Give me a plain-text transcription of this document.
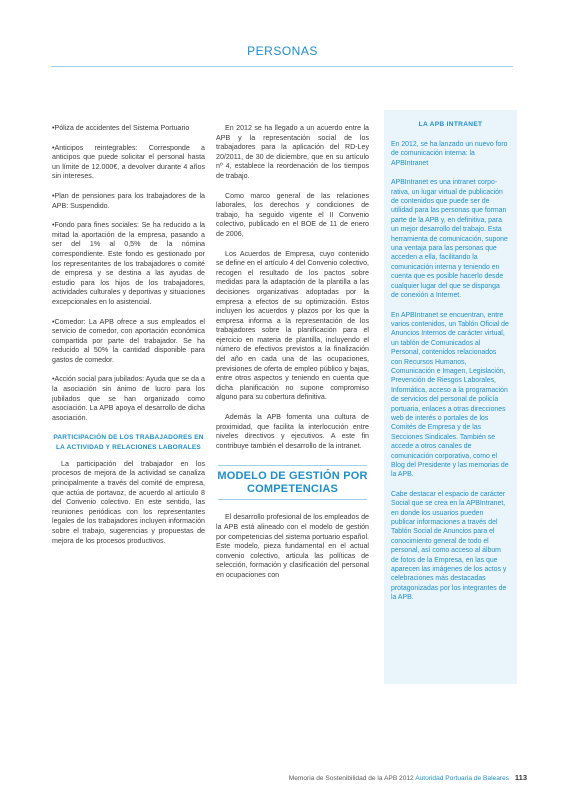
PERSONAS

•Póliza de accidentes del Sistema Portuario

•Anticipos reintegrables: Corresponde a anticipos que puede solicitar el personal hasta un límite de 12.000€, a devolver durante 4 años sin intereses.

•Plan de pensiones para los trabajadores de la APB: Suspendido.

•Fondo para fines sociales: Se ha reducido a la mitad la aportación de la empresa, pasando a ser del 1% al 0,5% de la nómina correspondiente. Este fondo es gestionado por los representantes de los trabajadores o comité de empresa y se destina a las ayudas de estudio para los hijos de los trabajadores, actividades culturales y deportivas y situaciones excepcionales en lo asistencial.

•Comedor: La APB ofrece a sus empleados el servicio de comedor, con aportación económica compartida por parte del trabajador. Se ha reducido al 50% la cantidad disponible para gastos de comedor.

•Acción social para jubilados: Ayuda que se da a la asociación sin ánimo de lucro para los jubilados que se han organizado como asociación. La APB apoya el desarrollo de dicha asociación.

PARTICIPACIÓN DE LOS TRABAJADORES EN LA ACTIVIDAD Y RELACIONES LABORALES

La participación del trabajador en los procesos de mejora de la actividad se canaliza principalmente a través del comité de empresa, que actúa de portavoz, de acuerdo al artículo 8 del Convenio colectivo. En este sentido, las reuniones periódicas con los representantes legales de los trabajadores incluyen información sobre el trabajo, sugerencias y propuestas de mejora de los procesos productivos.

En 2012 se ha llegado a un acuerdo entre la APB y la representación social de los trabajadores para la aplicación del RD-Ley 20/2011, de 30 de diciembre, que en su artículo nº 4, establece la reordenación de los tiempos de trabajo.

Como marco general de las relaciones laborales, los derechos y condiciones de trabajo, ha seguido vigente el II Convenio colectivo, publicado en el BOE de 11 de enero de 2006,

Los Acuerdos de Empresa, cuyo contenido se define en el artículo 4 del Convenio colectivo, recogen el resultado de los pactos sobre medidas para la adaptación de la plantilla a las decisiones organizativas adoptadas por la empresa a efectos de su optimización. Estos incluyen los acuerdos y plazos por los que la empresa informa a la representación de los trabajadores sobre la planificación para el ejercicio en materia de plantilla, incluyendo el número de efectivos previstos a la finalización del año en cada una de las ocupaciones, previsiones de oferta de empleo público y bajas, entre otros aspectos y teniendo en cuenta que dicha planificación no supone compromiso alguno para su cobertura definitiva.

Además la APB fomenta una cultura de proximidad, que facilita la interlocución entre niveles directivos y ejecutivos. A este fin contribuye también el desarrollo de la intranet.

MODELO DE GESTIÓN POR COMPETENCIAS

El desarrollo profesional de los empleados de la APB está alineado con el modelo de gestión por competencias del sistema portuario español. Este modelo, pieza fundamental en el actual convenio colectivo, articula las políticas de selección, formación y clasificación del personal en ocupaciones con

LA APB INTRANET

En 2012, se ha lanzado un nuevo foro de comunicación interna: la APBIntranet

APBIntranet es una intranet corporativa, un lugar virtual de publicación de contenidos que puede ser de utilidad para las personas que forman parte de la APB y, en definitiva, para un mejor desarrollo del trabajo. Esta herramienta de comunicación, supone una ventaja para las personas que acceden a ella, facilitando la comunicación interna y teniendo en cuenta que es posible hacerlo desde cualquier lugar del que se disponga de conexión a Internet.

En APBIntranet se encuentran, entre varios contenidos, un Tablón Oficial de Anuncios Internos de carácter virtual, un tablón de Comunicados al Personal, contenidos relacionados con Recursos Humanos, Comunicación e Imagen, Legislación, Prevención de Riesgos Laborales, Informática, acceso a la programación de servicios del personal de policía portuaria, enlaces a otras direcciones web de interés o portales de los Comités de Empresa y de las Secciones Sindicales. También se accede a otros canales de comunicación corporativa, como el Blog del Presidente y las memorias de la APB.

Cabe destacar el espacio de carácter Social que se crea en la APBIntranet, en donde los usuarios pueden publicar informaciones a través del Tablón Social de Anuncios para el conocimiento general de todo el personal, así como acceso al álbum de fotos de la Empresa, en las que aparecen las imágenes de los actos y celebraciones más destacadas protagonizadas por los integrantes de la APB.

Memoria de Sostenibilidad de la APB 2012 Autoridad Portuaria de Baleares 113
